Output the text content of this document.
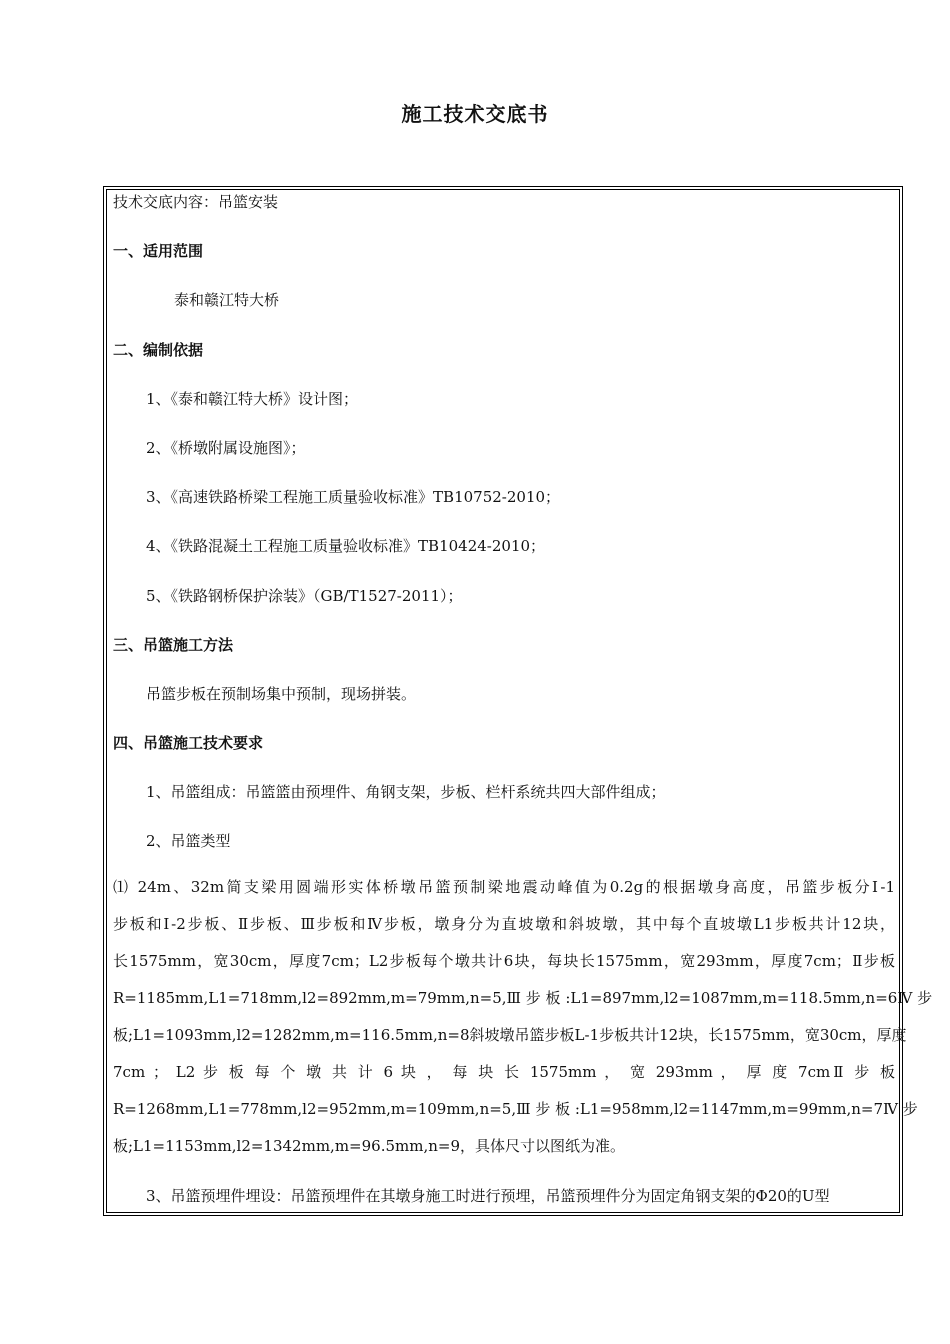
施工技术交底书
技术交底内容：吊篮安装
一、适用范围
泰和赣江特大桥
二、编制依据
1、《泰和赣江特大桥》设计图；
2、《桥墩附属设施图》；
3、《高速铁路桥梁工程施工质量验收标准》TB10752-2010；
4、《铁路混凝土工程施工质量验收标准》TB10424-2010；
5、《铁路钢桥保护涂装》（GB/T1527-2011）；
三、吊篮施工方法
吊篮步板在预制场集中预制，现场拼装。
四、吊篮施工技术要求
1、吊篮组成：吊篮篮由预埋件、角钢支架，步板、栏杆系统共四大部件组成；
2、吊篮类型
⑴ 24m、32m简支梁用圆端形实体桥墩吊篮预制梁地震动峰值为0.2g的根据墩身高度，吊篮步板分Ⅰ-1
步板和Ⅰ-2步板、Ⅱ步板、Ⅲ步板和Ⅳ步板，墩身分为直坡墩和斜坡墩，其中每个直坡墩L1步板共计12块，
长1575mm，宽30cm，厚度7cm；L2步板每个墩共计6块，每块长1575mm，宽293mm，厚度7cm；Ⅱ步板
R=1185mm,L1=718mm,l2=892mm,m=79mm,n=5,Ⅲ 步 板 :L1=897mm,l2=1087mm,m=118.5mm,n=6Ⅳ 步
板;L1=1093mm,l2=1282mm,m=116.5mm,n=8斜坡墩吊篮步板L-1步板共计12块，长1575mm，宽30cm，厚度
7cm ； L2 步 板 每 个 墩 共 计 6 块 ， 每 块 长 1575mm ， 宽 293mm ， 厚 度 7cmⅡ 步 板
R=1268mm,L1=778mm,l2=952mm,m=109mm,n=5,Ⅲ 步 板 :L1=958mm,l2=1147mm,m=99mm,n=7Ⅳ 步
板;L1=1153mm,l2=1342mm,m=96.5mm,n=9，具体尺寸以图纸为准。
3、吊篮预埋件埋设：吊篮预埋件在其墩身施工时进行预埋，吊篮预埋件分为固定角钢支架的Φ20的U型
